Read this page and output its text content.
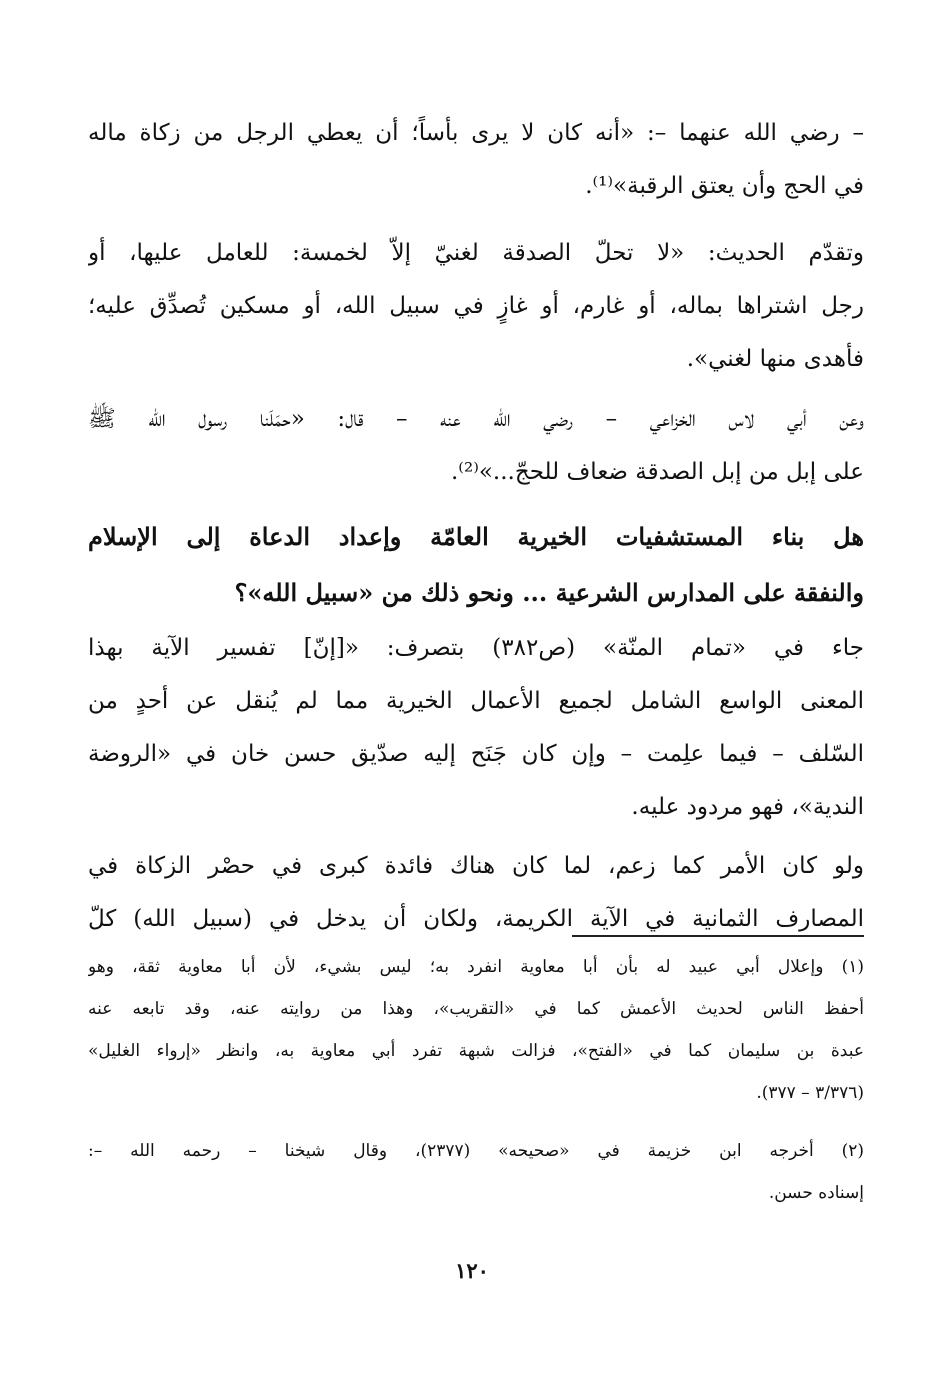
– رضي الله عنهما –: «أنه كان لا يرى بأساً؛ أن يعطي الرجل من زكاة ماله
في الحج وأن يعتق الرقبة»⁽¹⁾.
وتقدّم الحديث: «لا تحلّ الصدقة لغنيّ إلاّ لخمسة: للعامل عليها، أو
رجل اشتراها بماله، أو غارم، أو غازٍ في سبيل الله، أو مسكين تُصدِّق عليه؛
فأهدى منها لغني».
وعن أبي لاس الخزاعي – رضي الله عنه – قال: «حمَلَنا رسول الله ﷺ
على إبل من إبل الصدقة ضعاف للحجّ...»⁽²⁾.
هل بناء المستشفيات الخيرية العامّة وإعداد الدعاة إلى الإسلام
والنفقة على المدارس الشرعية ... ونحو ذلك من «سبيل الله»؟
جاء في «تمام المنّة» (ص٣٨٢) بتصرف: «[إنّ] تفسير الآية بهذا
المعنى الواسع الشامل لجميع الأعمال الخيرية مما لم يُنقل عن أحدٍ من
السّلف – فيما علِمت – وإن كان جَنَح إليه صدّيق حسن خان في «الروضة
الندية»، فهو مردود عليه.
ولو كان الأمر كما زعم، لما كان هناك فائدة كبرى في حصْر الزكاة في
المصارف الثمانية في الآية الكريمة، ولكان أن يدخل في (سبيل الله) كلّ
(١) وإعلال أبي عبيد له بأن أبا معاوية انفرد به؛ ليس بشيء، لأن أبا معاوية ثقة، وهو
أحفظ الناس لحديث الأعمش كما في «التقريب»، وهذا من روايته عنه، وقد تابعه عنه
عبدة بن سليمان كما في «الفتح»، فزالت شبهة تفرد أبي معاوية به، وانظر «إرواء الغليل»
(٣/٣٧٦ – ٣٧٧).
(٢) أخرجه ابن خزيمة في «صحيحه» (٢٣٧٧)، وقال شيخنا – رحمه الله –:
إسناده حسن.
١٢٠
